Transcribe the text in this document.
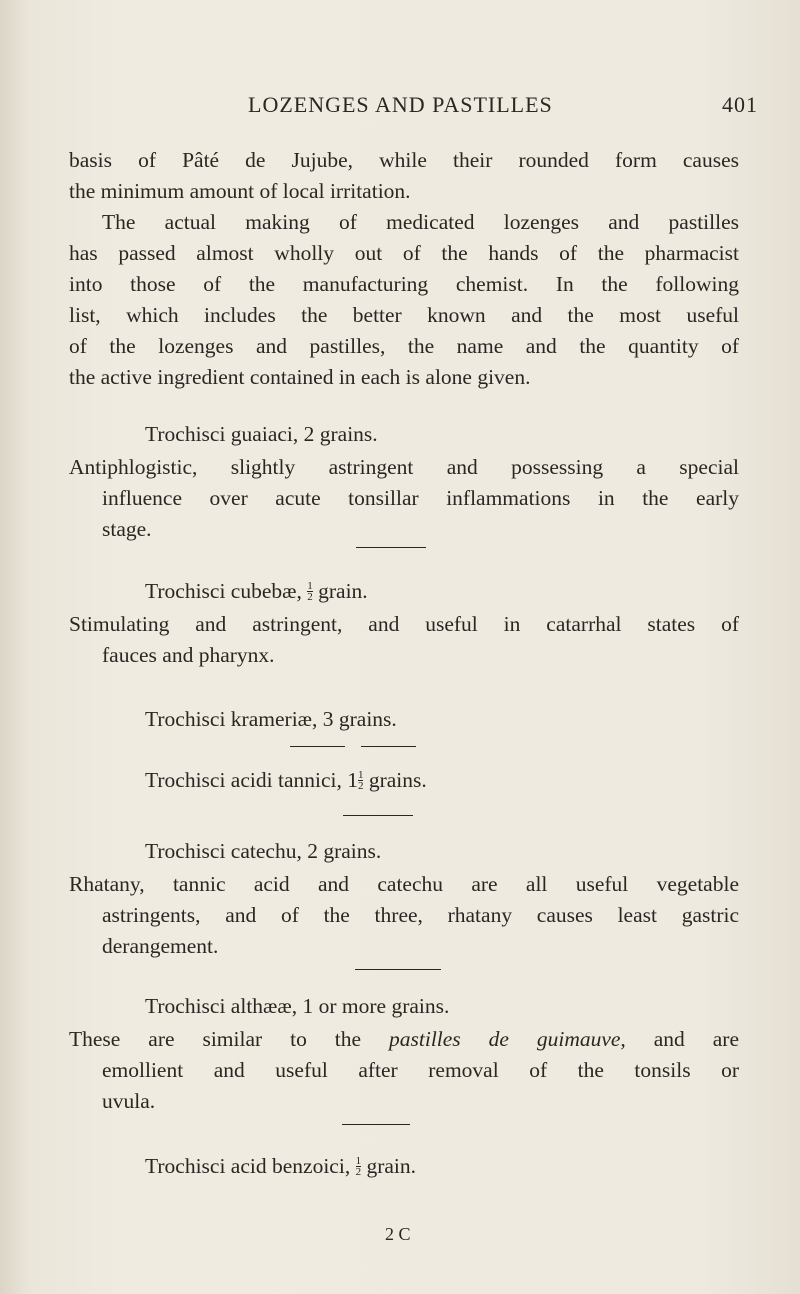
LOZENGES AND PASTILLES	401
basis of Pâté de Jujube, while their rounded form causes
the minimum amount of local irritation.
The actual making of medicated lozenges and pastilles
has passed almost wholly out of the hands of the pharmacist
into those of the manufacturing chemist. In the following
list, which includes the better known and the most useful
of the lozenges and pastilles, the name and the quantity of
the active ingredient contained in each is alone given.
Trochisci guaiaci, 2 grains.
Antiphlogistic, slightly astringent and possessing a special
influence over acute tonsillar inflammations in the early
stage.
Trochisci cubebæ, $\frac{1}{2}$ grain.
Stimulating and astringent, and useful in catarrhal states of
fauces and pharynx.
Trochisci krameriæ, 3 grains.
Trochisci acidi tannici, $1 \frac{1}{2}$ grains.
Trochisci catechu, 2 grains.
Rhatany, tannic acid and catechu are all useful vegetable
astringents, and of the three, rhatany causes least gastric
derangement.
Trochisci althææ, 1 or more grains.
These are similar to the pastilles de guimauve, and are
emollient and useful after removal of the tonsils or
uvula.
Trochisci acid benzoici, $\frac{1}{2}$ grain.
2 C
